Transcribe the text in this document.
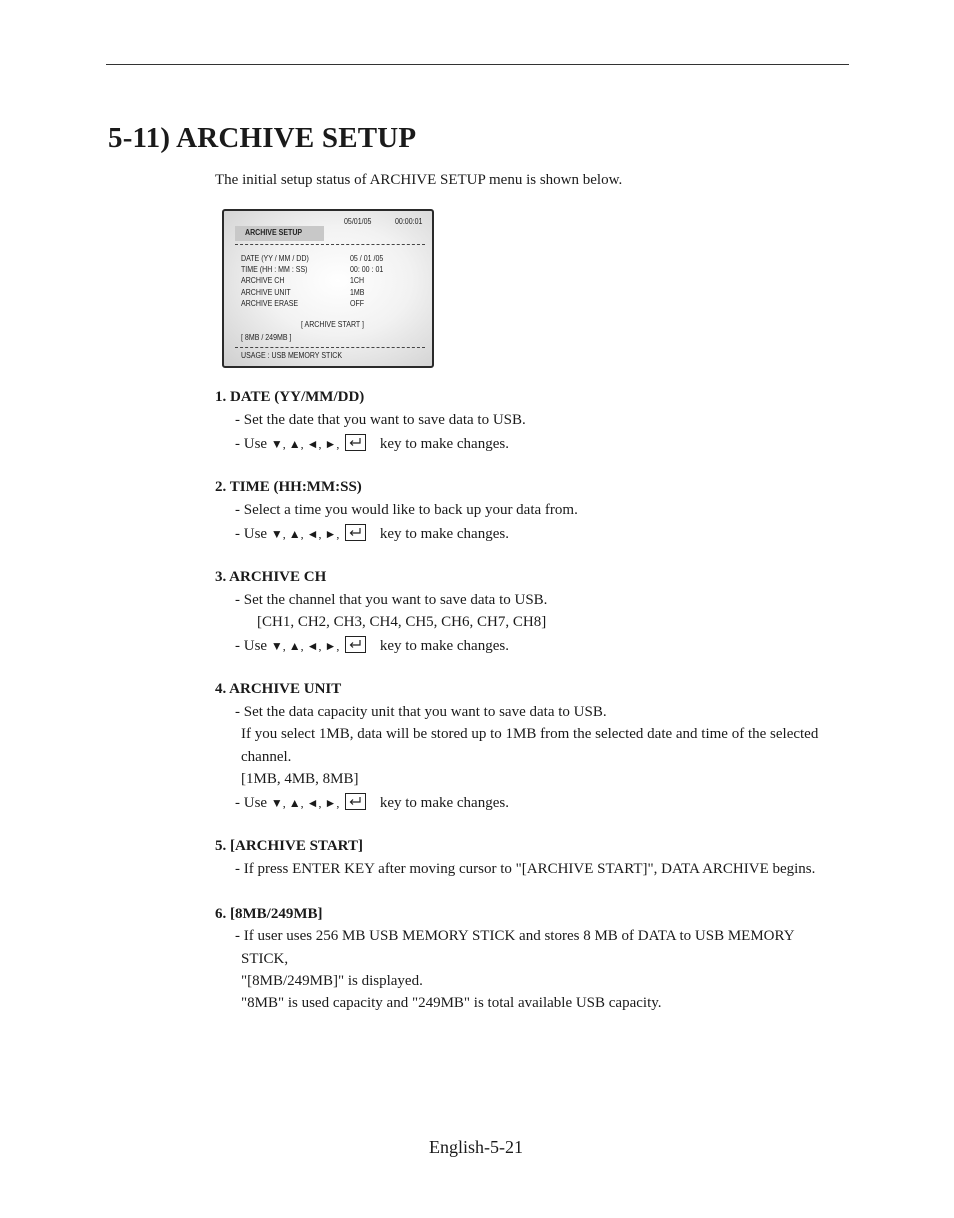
5-11) ARCHIVE SETUP
The initial setup status of ARCHIVE SETUP menu is shown below.
05/01/05	00:00:01
ARCHIVE SETUP
DATE (YY / MM / DD)	05 / 01 /05
TIME (HH : MM : SS)	00: 00 : 01
ARCHIVE CH	1CH
ARCHIVE UNIT	1MB
ARCHIVE ERASE	OFF
[ ARCHIVE START ]
[ 8MB / 249MB ]
USAGE : USB MEMORY STICK
1. DATE (YY/MM/DD)
- Set the date that you want to save data to USB.
- Use ▼, ▲, ◄, ►,	key to make changes.
2. TIME (HH:MM:SS)
- Select a time you would like to back up your data from.
- Use ▼, ▲, ◄, ►,	key to make changes.
3. ARCHIVE CH
- Set the channel that you want to save data to USB.
[CH1, CH2, CH3, CH4, CH5, CH6, CH7, CH8]
- Use ▼, ▲, ◄, ►,	key to make changes.
4. ARCHIVE UNIT
- Set the data capacity unit that you want to save data to USB.
If you select 1MB, data will be stored up to 1MB from the selected date and time of the selected
channel.
[1MB, 4MB, 8MB]
- Use ▼, ▲, ◄, ►,	key to make changes.
5. [ARCHIVE START]
- If press ENTER KEY after moving cursor to "[ARCHIVE START]", DATA ARCHIVE begins.
6. [8MB/249MB]
- If user uses 256 MB USB MEMORY STICK and stores 8 MB of DATA to USB MEMORY
STICK,
"[8MB/249MB]" is displayed.
"8MB" is used capacity and "249MB" is total available USB capacity.
English-5-21
